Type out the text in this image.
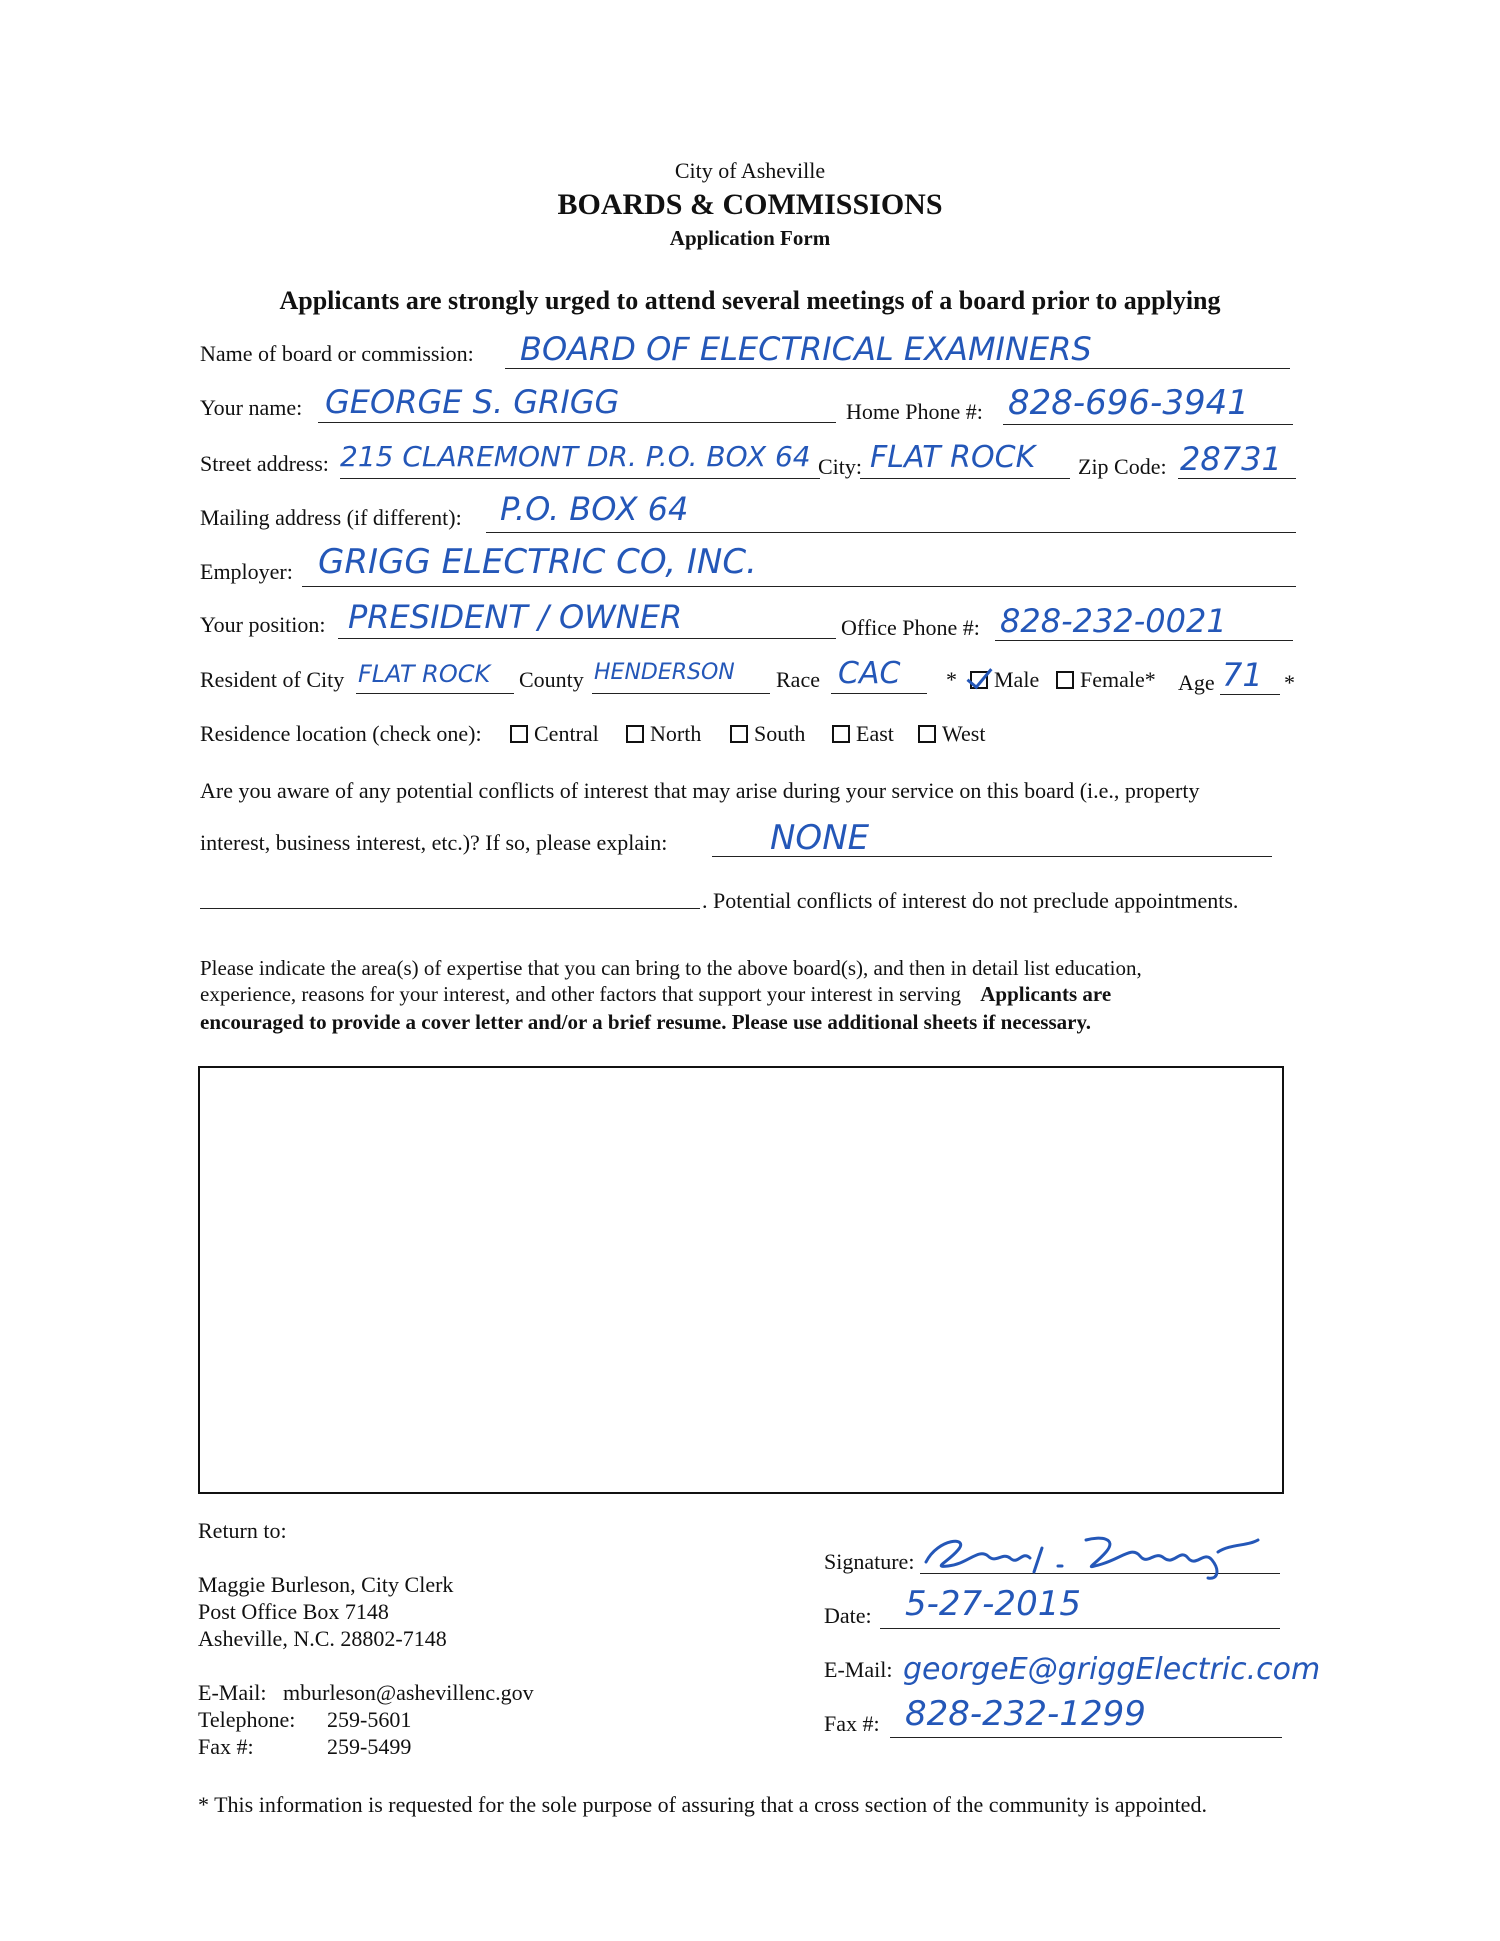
City of Asheville
BOARDS & COMMISSIONS
Application Form
Applicants are strongly urged to attend several meetings of a board prior to applying
Name of board or commission: BOARD OF ELECTRICAL EXAMINERS
Your name: GEORGE S. GRIGG	Home Phone #: 828-696-3941
Street address: 215 CLAREMONT DR. P.O. BOX 64 City: FLAT ROCK Zip Code: 28731
Mailing address (if different): P.O. BOX 64
Employer: GRIGG ELECTRIC CO, INC.
Your position: PRESIDENT / OWNER	Office Phone #: 828-232-0021
Resident of City FLAT ROCK County HENDERSON Race CAC *	Male	Female* Age 71 *
Residence location (check one):	Central	North	South	East	West
Are you aware of any potential conflicts of interest that may arise during your service on this board (i.e., property
interest, business interest, etc.)? If so, please explain:	NONE
. Potential conflicts of interest do not preclude appointments.
Please indicate the area(s) of expertise that you can bring to the above board(s), and then in detail list education,
experience, reasons for your interest, and other factors that support your interest in serving Applicants are
encouraged to provide a cover letter and/or a brief resume. Please use additional sheets if necessary.
Return to:
Maggie Burleson, City Clerk
Post Office Box 7148
Asheville, N.C. 28802-7148
E-Mail: mburleson@ashevillenc.gov
Telephone: 259-5601
Fax #:	259-5499
Signature:
Date: 5-27-2015
E-Mail: georgeE@griggElectric.com
Fax #: 828-232-1299
* This information is requested for the sole purpose of assuring that a cross section of the community is appointed.
